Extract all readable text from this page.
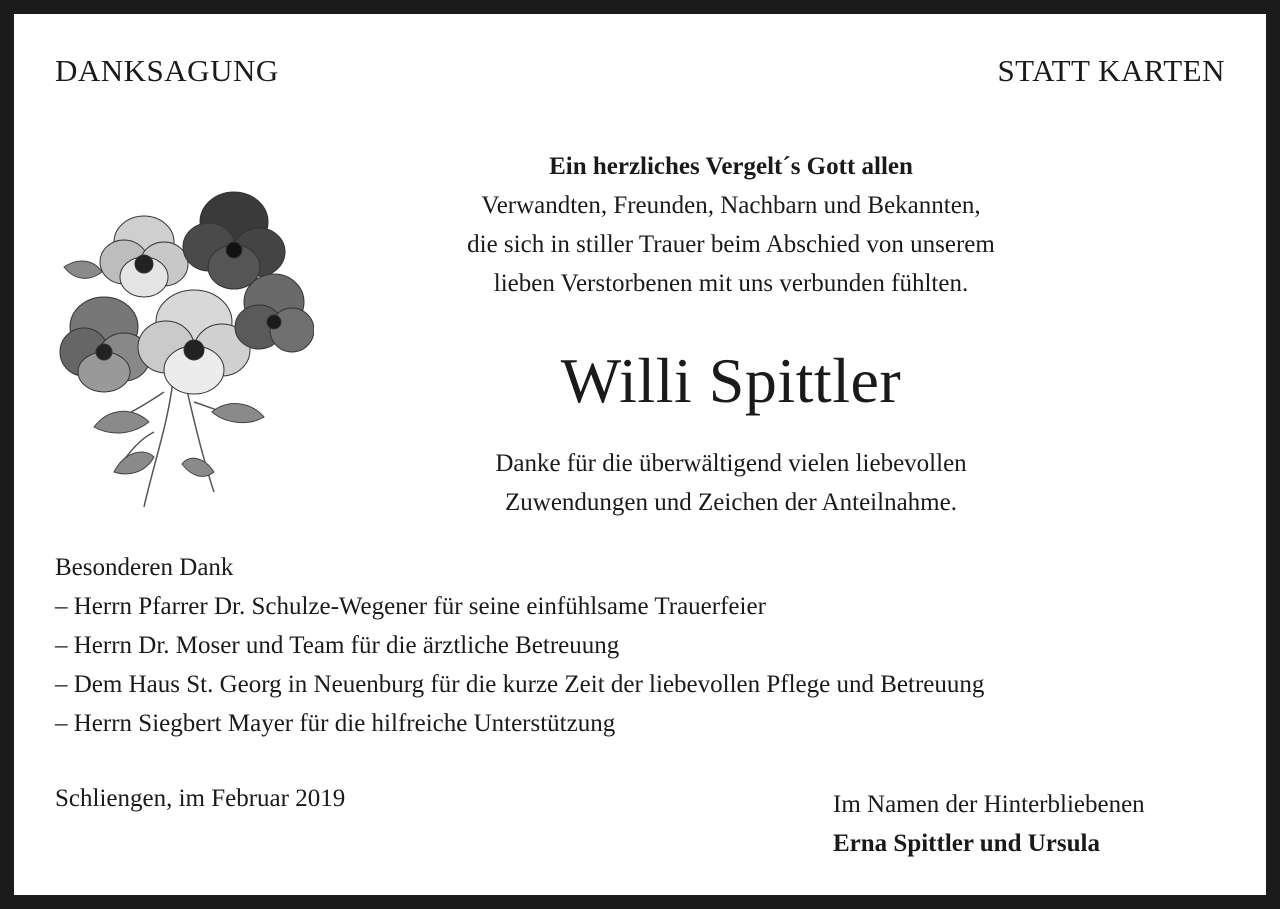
DANKSAGUNG	STATT KARTEN
Ein herzliches Vergelt´s Gott allen
Verwandten, Freunden, Nachbarn und Bekannten,
die sich in stiller Trauer beim Abschied von unserem
lieben Verstorbenen mit uns verbunden fühlten.
Willi Spittler
Danke für die überwältigend vielen liebevollen
Zuwendungen und Zeichen der Anteilnahme.
Besonderen Dank
– Herrn Pfarrer Dr. Schulze-Wegener für seine einfühlsame Trauerfeier
– Herrn Dr. Moser und Team für die ärztliche Betreuung
– Dem Haus St. Georg in Neuenburg für die kurze Zeit der liebevollen Pflege und Betreuung
– Herrn Siegbert Mayer für die hilfreiche Unterstützung
Schliengen, im Februar 2019	Im Namen der Hinterbliebenen
Erna Spittler und Ursula
